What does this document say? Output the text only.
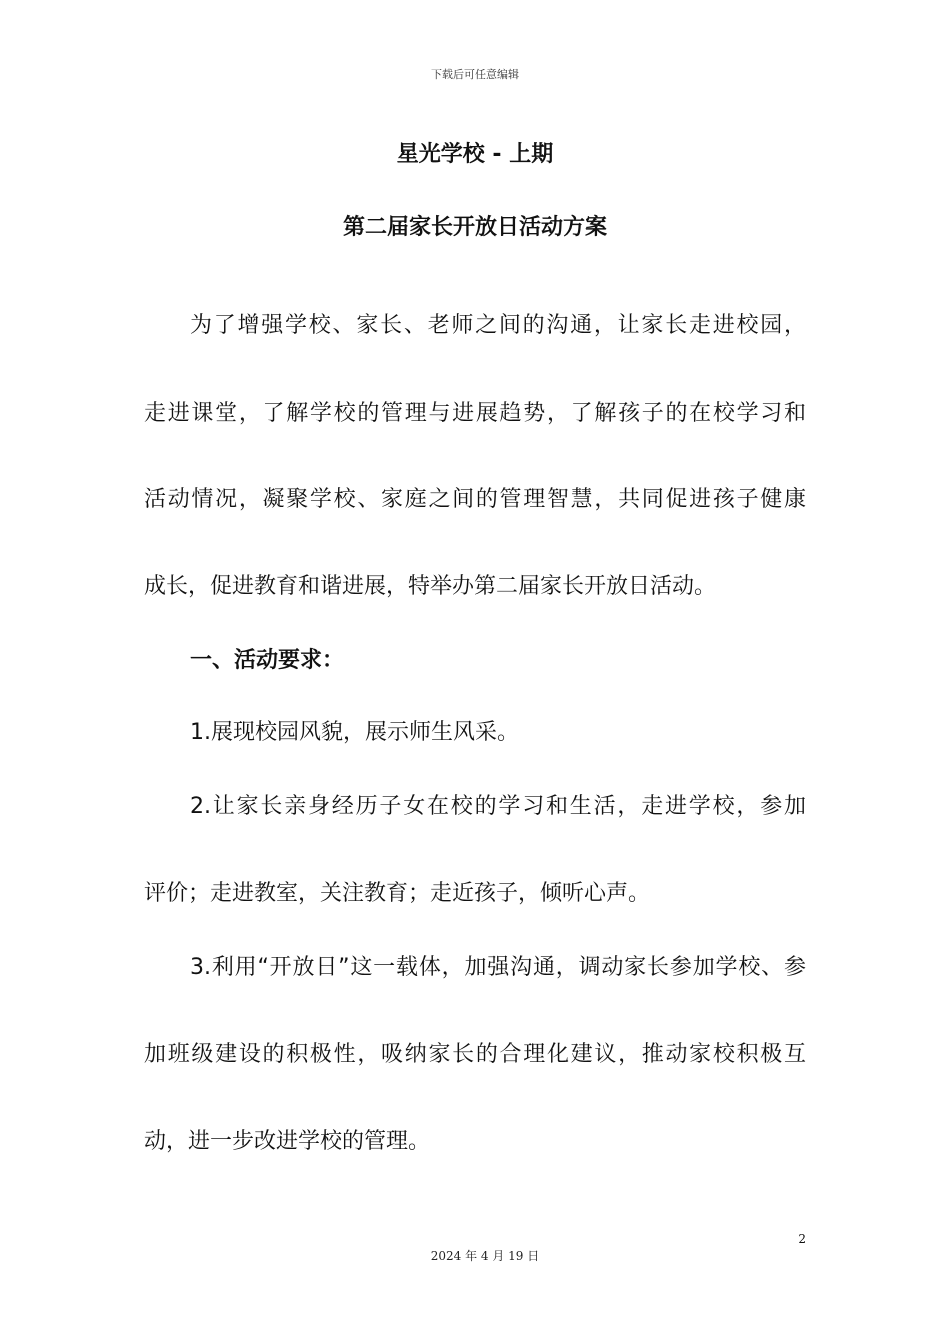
下载后可任意编辑
星光学校 - 上期
第二届家长开放日活动方案
为了增强学校、家长、老师之间的沟通，让家长走进校园，
走进课堂，了解学校的管理与进展趋势，了解孩子的在校学习和
活动情况，凝聚学校、家庭之间的管理智慧，共同促进孩子健康
成长，促进教育和谐进展，特举办第二届家长开放日活动。
一、活动要求：
1.展现校园风貌，展示师生风采。
2.让家长亲身经历子女在校的学习和生活，走进学校，参加
评价；走进教室，关注教育；走近孩子，倾听心声。
3.利用“开放日”这一载体，加强沟通，调动家长参加学校、参
加班级建设的积极性，吸纳家长的合理化建议，推动家校积极互
动，进一步改进学校的管理。
2
2024 年 4 月 19 日
